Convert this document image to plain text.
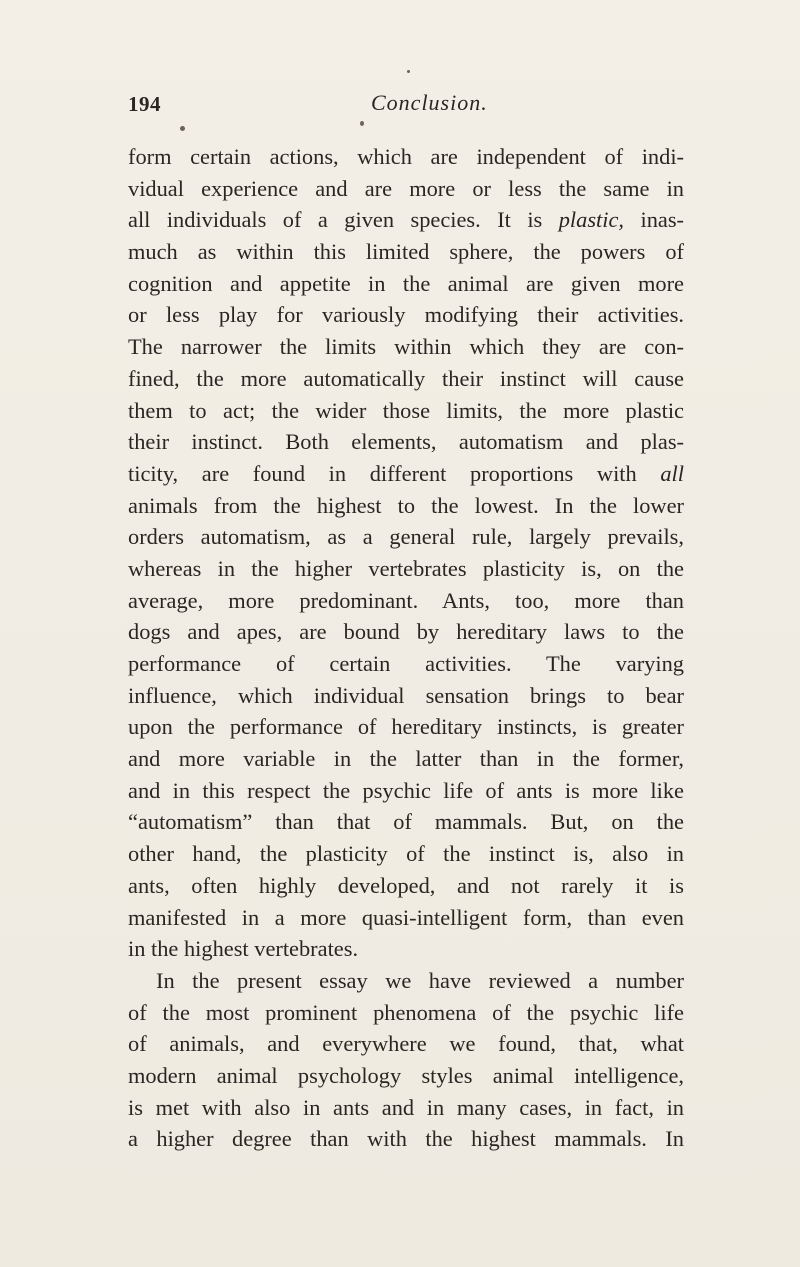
194	Conclusion.
form certain actions, which are independent of indi-
vidual experience and are more or less the same in
all individuals of a given species. It is plastic, inas-
much as within this limited sphere, the powers of
cognition and appetite in the animal are given more
or less play for variously modifying their activities.
The narrower the limits within which they are con-
fined, the more automatically their instinct will cause
them to act; the wider those limits, the more plastic
their instinct. Both elements, automatism and plas-
ticity, are found in different proportions with all
animals from the highest to the lowest. In the lower
orders automatism, as a general rule, largely prevails,
whereas in the higher vertebrates plasticity is, on the
average, more predominant. Ants, too, more than
dogs and apes, are bound by hereditary laws to the
performance of certain activities. The varying
influence, which individual sensation brings to bear
upon the performance of hereditary instincts, is greater
and more variable in the latter than in the former,
and in this respect the psychic life of ants is more like
“automatism” than that of mammals. But, on the
other hand, the plasticity of the instinct is, also in
ants, often highly developed, and not rarely it is
manifested in a more quasi-intelligent form, than even
in the highest vertebrates.
In the present essay we have reviewed a number
of the most prominent phenomena of the psychic life
of animals, and everywhere we found, that, what
modern animal psychology styles animal intelligence,
is met with also in ants and in many cases, in fact, in
a higher degree than with the highest mammals. In
